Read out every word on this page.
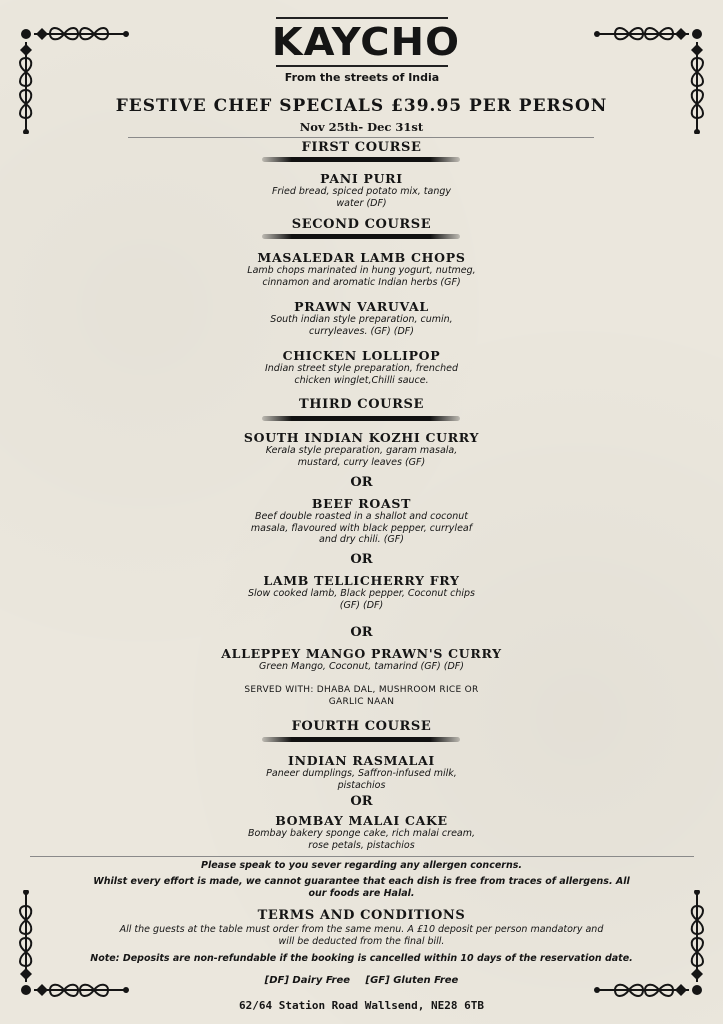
KAYCHO
From the streets of India
FESTIVE CHEF SPECIALS £39.95 PER PERSON
Nov 25th- Dec 31st
FIRST COURSE
PANI PURI
Fried bread, spiced potato mix, tangy
water (DF)
SECOND COURSE
MASALEDAR LAMB CHOPS
Lamb chops marinated in hung yogurt, nutmeg,
cinnamon and aromatic Indian herbs (GF)
PRAWN VARUVAL
South indian style preparation, cumin,
curryleaves. (GF) (DF)
CHICKEN LOLLIPOP
Indian street style preparation, frenched
chicken winglet,Chilli sauce.
THIRD COURSE
SOUTH INDIAN KOZHI CURRY
Kerala style preparation, garam masala,
mustard, curry leaves (GF)
OR
BEEF ROAST
Beef double roasted in a shallot and coconut
masala, flavoured with black pepper, curryleaf
and dry chili. (GF)
OR
LAMB TELLICHERRY FRY
Slow cooked lamb, Black pepper, Coconut chips
(GF) (DF)
OR
ALLEPPEY MANGO PRAWN'S CURRY
Green Mango, Coconut, tamarind (GF) (DF)
SERVED WITH: DHABA DAL, MUSHROOM RICE OR
GARLIC NAAN
FOURTH COURSE
INDIAN RASMALAI
Paneer dumplings, Saffron-infused milk,
pistachios
OR
BOMBAY MALAI CAKE
Bombay bakery sponge cake, rich malai cream,
rose petals, pistachios
Please speak to you sever regarding any allergen concerns.
Whilst every effort is made, we cannot guarantee that each dish is free from traces of allergens. All
our foods are Halal.
TERMS AND CONDITIONS
All the guests at the table must order from the same menu. A £10 deposit per person mandatory and
will be deducted from the final bill.
Note: Deposits are non-refundable if the booking is cancelled within 10 days of the reservation date.
[DF] Dairy Free [GF] Gluten Free
62/64 Station Road Wallsend, NE28 6TB
